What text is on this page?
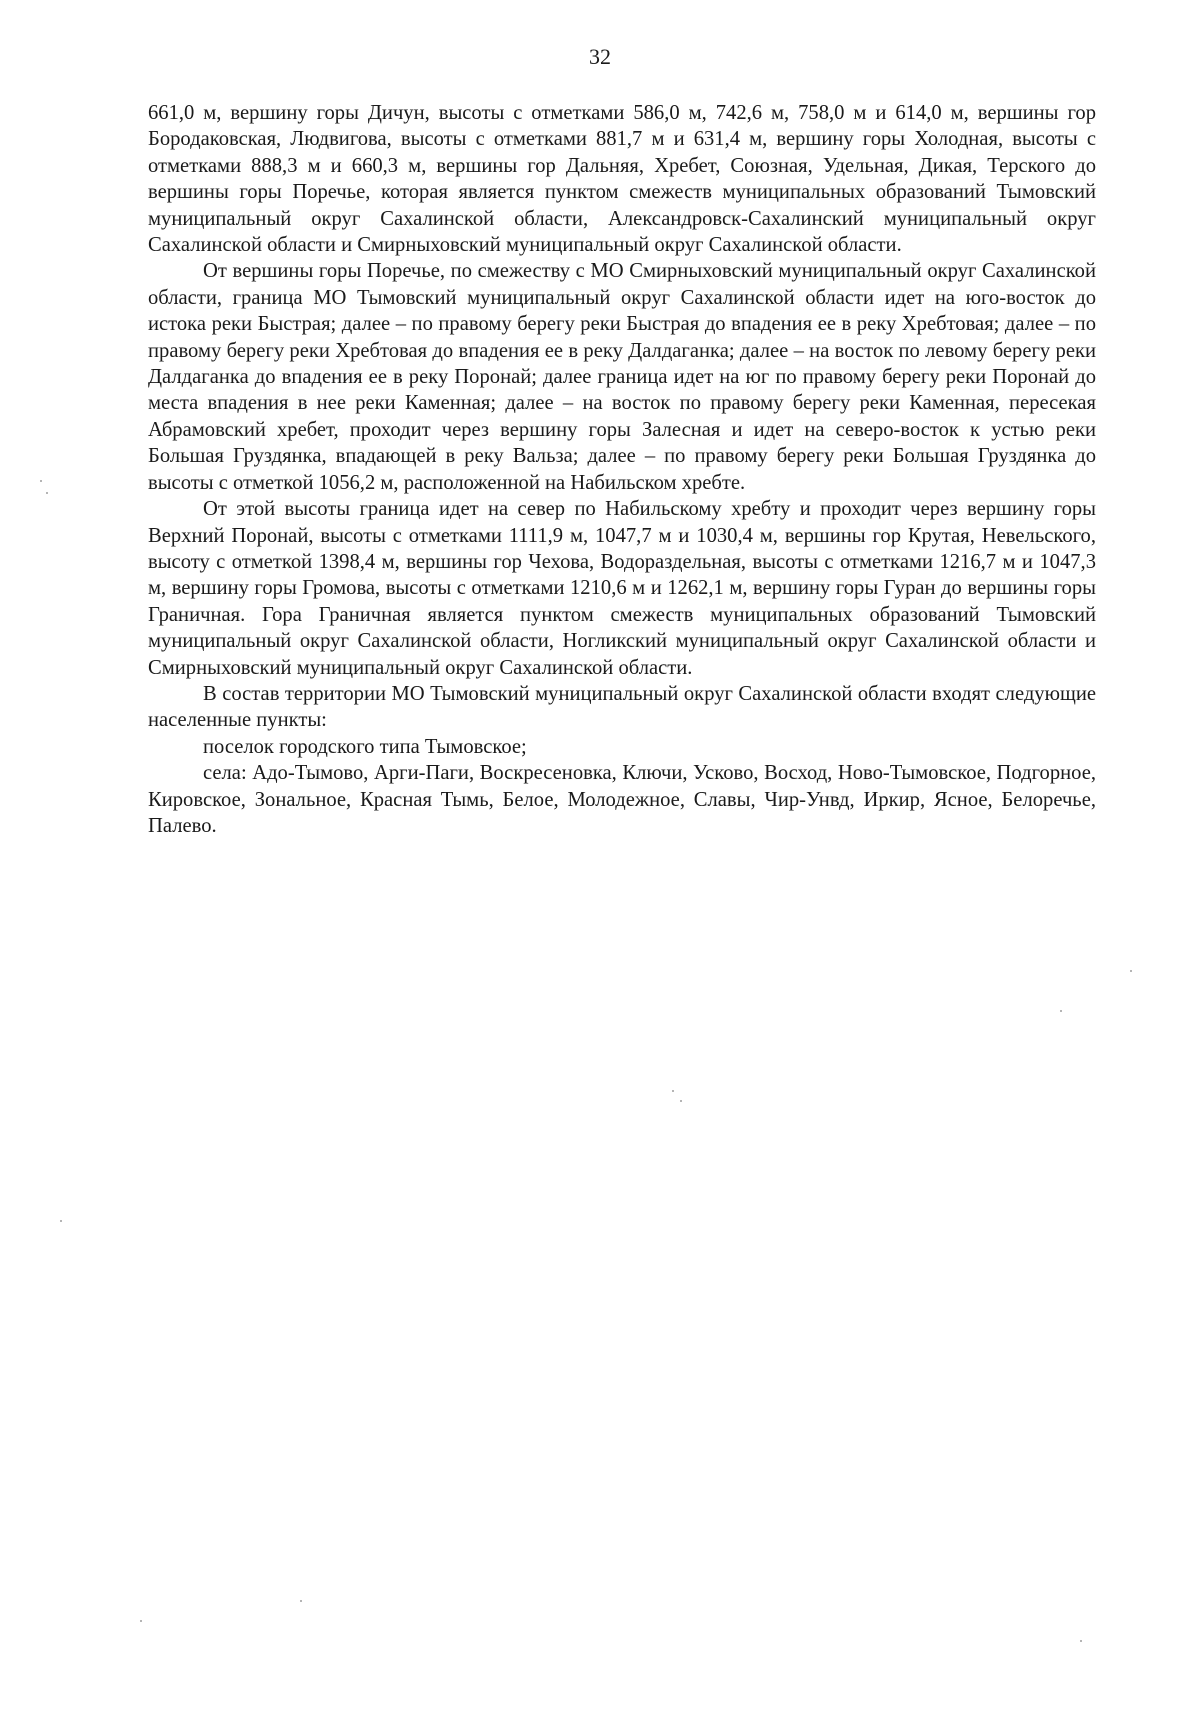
32

661,0 м, вершину горы Дичун, высоты с отметками 586,0 м, 742,6 м, 758,0 м и 614,0 м, вершины гор Бородаковская, Людвигова, высоты с отметками 881,7 м и 631,4 м, вершину горы Холодная, высоты с отметками 888,3 м и 660,3 м, вершины гор Дальняя, Хребет, Союзная, Удельная, Дикая, Терского до вершины горы Поречье, которая является пунктом смежеств муниципальных образований Тымовский муниципальный округ Сахалинской области, Александровск-Сахалинский муниципальный округ Сахалинской области и Смирныховский муниципальный округ Сахалинской области.

От вершины горы Поречье, по смежеству с МО Смирныховский муниципальный округ Сахалинской области, граница МО Тымовский муниципальный округ Сахалинской области идет на юго-восток до истока реки Быстрая; далее – по правому берегу реки Быстрая до впадения ее в реку Хребтовая; далее – по правому берегу реки Хребтовая до впадения ее в реку Далдаганка; далее – на восток по левому берегу реки Далдаганка до впадения ее в реку Поронай; далее граница идет на юг по правому берегу реки Поронай до места впадения в нее реки Каменная; далее – на восток по правому берегу реки Каменная, пересекая Абрамовский хребет, проходит через вершину горы Залесная и идет на северо-восток к устью реки Большая Груздянка, впадающей в реку Вальза; далее – по правому берегу реки Большая Груздянка до высоты с отметкой 1056,2 м, расположенной на Набильском хребте.

От этой высоты граница идет на север по Набильскому хребту и проходит через вершину горы Верхний Поронай, высоты с отметками 1111,9 м, 1047,7 м и 1030,4 м, вершины гор Крутая, Невельского, высоту с отметкой 1398,4 м, вершины гор Чехова, Водораздельная, высоты с отметками 1216,7 м и 1047,3 м, вершину горы Громова, высоты с отметками 1210,6 м и 1262,1 м, вершину горы Гуран до вершины горы Граничная. Гора Граничная является пунктом смежеств муниципальных образований Тымовский муниципальный округ Сахалинской области, Ногликский муниципальный округ Сахалинской области и Смирныховский муниципальный округ Сахалинской области.

В состав территории МО Тымовский муниципальный округ Сахалинской области входят следующие населенные пункты:

поселок городского типа Тымовское;

села: Адо-Тымово, Арги-Паги, Воскресеновка, Ключи, Усково, Восход, Ново-Тымовское, Подгорное, Кировское, Зональное, Красная Тымь, Белое, Молодежное, Славы, Чир-Унвд, Иркир, Ясное, Белоречье, Палево.
